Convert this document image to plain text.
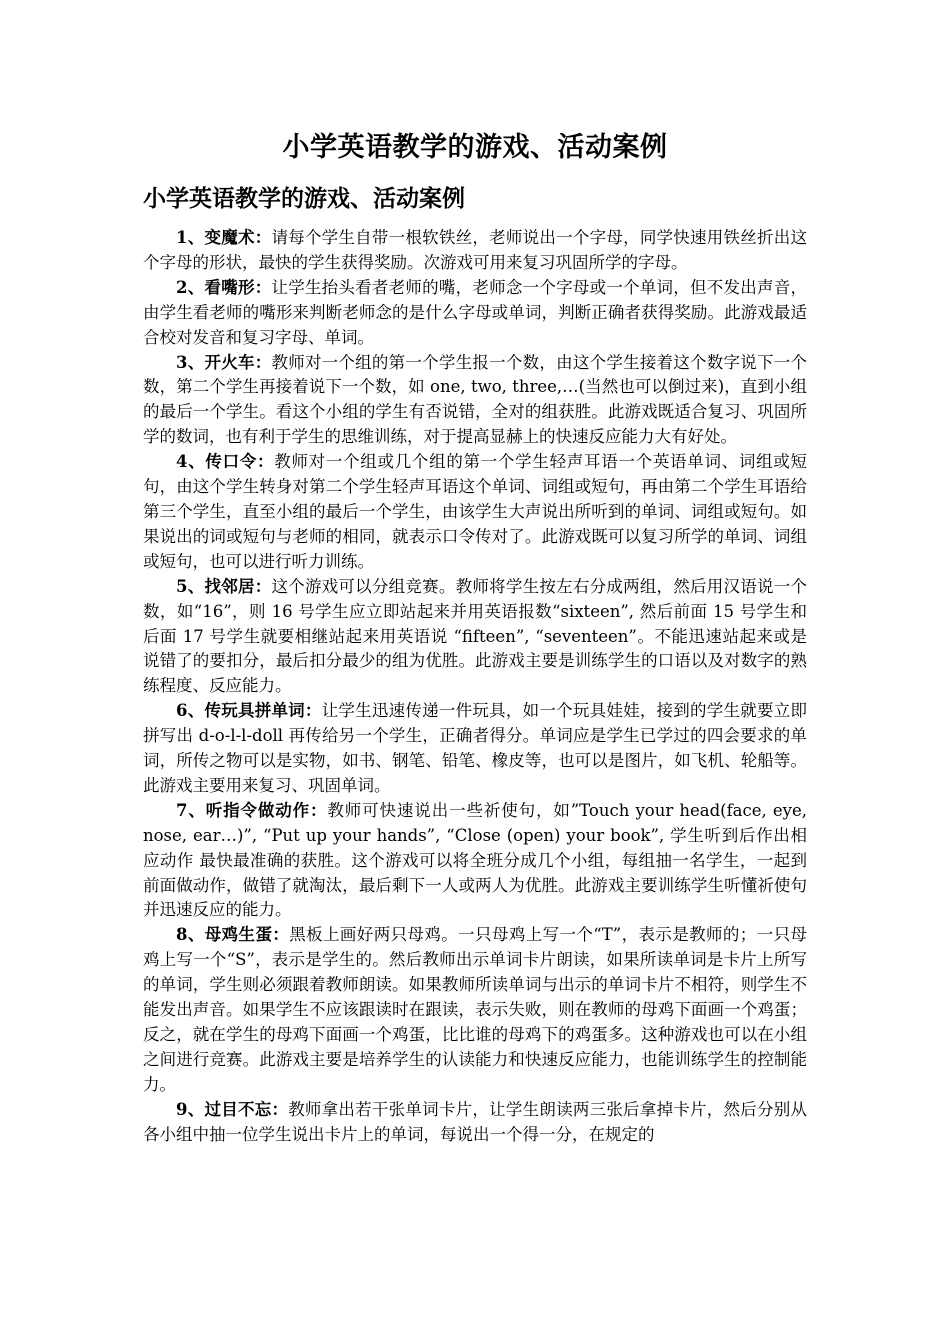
小学英语教学的游戏、活动案例
小学英语教学的游戏、活动案例

1、变魔术：请每个学生自带一根软铁丝，老师说出一个字母，同学快速用铁丝折出这个字母的形状，最快的学生获得奖励。次游戏可用来复习巩固所学的字母。

2、看嘴形：让学生抬头看者老师的嘴，老师念一个字母或一个单词，但不发出声音，由学生看老师的嘴形来判断老师念的是什么字母或单词，判断正确者获得奖励。此游戏最适合校对发音和复习字母、单词。

3、开火车：教师对一个组的第一个学生报一个数，由这个学生接着这个数字说下一个数，第二个学生再接着说下一个数，如 one, two, three,…(当然也可以倒过来)，直到小组的最后一个学生。看这个小组的学生有否说错，全对的组获胜。此游戏既适合复习、巩固所学的数词，也有利于学生的思维训练，对于提高显赫上的快速反应能力大有好处。

4、传口令：教师对一个组或几个组的第一个学生轻声耳语一个英语单词、词组或短句，由这个学生转身对第二个学生轻声耳语这个单词、词组或短句，再由第二个学生耳语给第三个学生，直至小组的最后一个学生，由该学生大声说出所听到的单词、词组或短句。如果说出的词或短句与老师的相同，就表示口令传对了。此游戏既可以复习所学的单词、词组或短句，也可以进行听力训练。

5、找邻居：这个游戏可以分组竞赛。教师将学生按左右分成两组，然后用汉语说一个数，如“16”，则 16 号学生应立即站起来并用英语报数“sixteen”, 然后前面 15 号学生和后面 17 号学生就要相继站起来用英语说 “fifteen”, “seventeen”。不能迅速站起来或是说错了的要扣分，最后扣分最少的组为优胜。此游戏主要是训练学生的口语以及对数字的熟练程度、反应能力。

6、传玩具拼单词：让学生迅速传递一件玩具，如一个玩具娃娃，接到的学生就要立即拼写出 d-o-l-l-doll 再传给另一个学生，正确者得分。单词应是学生已学过的四会要求的单词，所传之物可以是实物，如书、钢笔、铅笔、橡皮等，也可以是图片，如飞机、轮船等。此游戏主要用来复习、巩固单词。

7、听指令做动作：教师可快速说出一些祈使句，如”Touch your head(face, eye, nose, ear…)”, “Put up your hands”, “Close (open) your book”, 学生听到后作出相应动作 最快最准确的获胜。这个游戏可以将全班分成几个小组，每组抽一名学生，一起到前面做动作，做错了就淘汰，最后剩下一人或两人为优胜。此游戏主要训练学生听懂祈使句并迅速反应的能力。

8、母鸡生蛋：黑板上画好两只母鸡。一只母鸡上写一个“T”，表示是教师的；一只母鸡上写一个“S”，表示是学生的。然后教师出示单词卡片朗读，如果所读单词是卡片上所写的单词，学生则必须跟着教师朗读。如果教师所读单词与出示的单词卡片不相符，则学生不能发出声音。如果学生不应该跟读时在跟读，表示失败，则在教师的母鸡下面画一个鸡蛋；反之，就在学生的母鸡下面画一个鸡蛋，比比谁的母鸡下的鸡蛋多。这种游戏也可以在小组之间进行竞赛。此游戏主要是培养学生的认读能力和快速反应能力，也能训练学生的控制能力。

9、过目不忘：教师拿出若干张单词卡片，让学生朗读两三张后拿掉卡片，然后分别从各小组中抽一位学生说出卡片上的单词，每说出一个得一分，在规定的
